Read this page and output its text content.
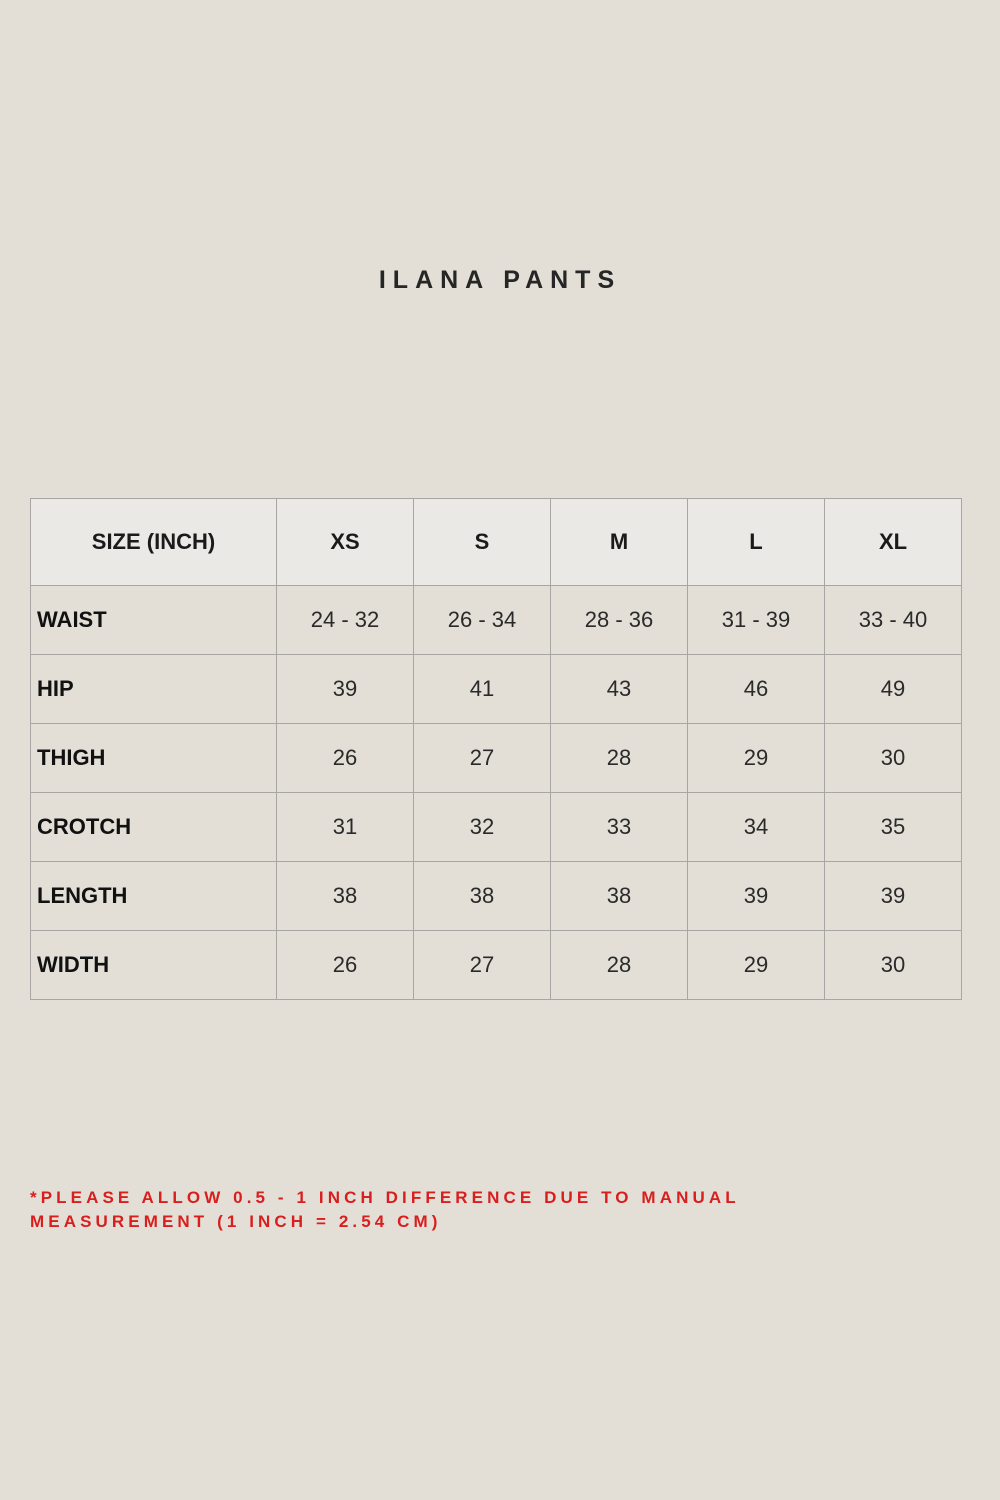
ILANA PANTS
SIZE (INCH)	XS	S	M	L	XL
WAIST	24 - 32	26 - 34	28 - 36	31 - 39	33 - 40
HIP	39	41	43	46	49
THIGH	26	27	28	29	30
CROTCH	31	32	33	34	35
LENGTH	38	38	38	39	39
WIDTH	26	27	28	29	30
*PLEASE ALLOW 0.5 - 1 INCH DIFFERENCE DUE TO MANUAL
MEASUREMENT (1 INCH = 2.54 CM)
